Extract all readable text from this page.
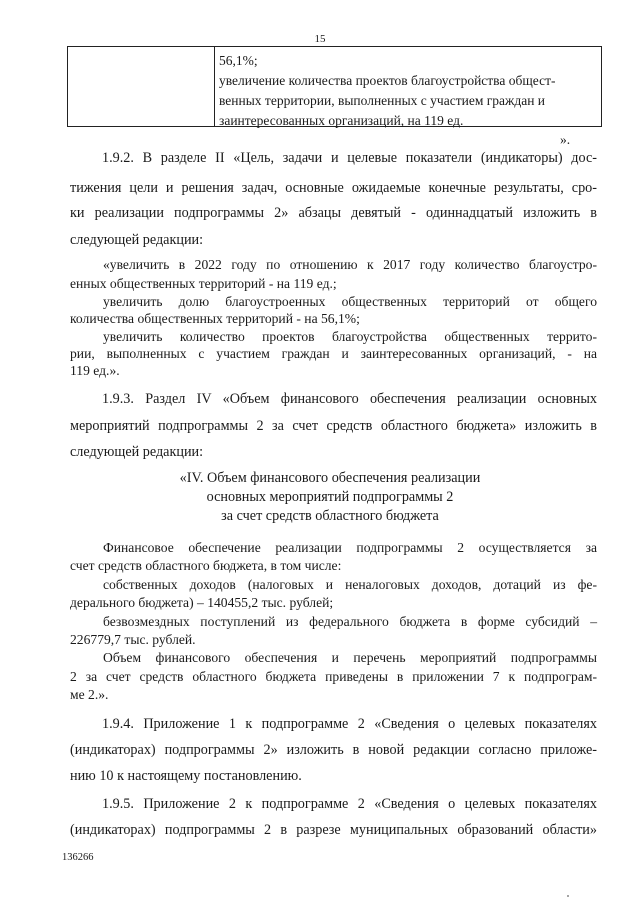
15
56,1%;
увеличение количества проектов благоустройства общест-
венных территории, выполненных с участием граждан и
заинтересованных организаций, на 119 ед.
».
1.9.2. В разделе II «Цель, задачи и целевые показатели (индикаторы) дос-
тижения цели и решения задач, основные ожидаемые конечные результаты, сро-
ки реализации подпрограммы 2» абзацы девятый - одиннадцатый изложить в
следующей редакции:
«увеличить в 2022 году по отношению к 2017 году количество благоустро-
енных общественных территорий - на 119 ед.;
увеличить долю благоустроенных общественных территорий от общего
количества общественных территорий - на 56,1%;
увеличить количество проектов благоустройства общественных террито-
рии, выполненных с участием граждан и заинтересованных организаций, - на
119 ед.».
1.9.3. Раздел IV «Объем финансового обеспечения реализации основных
мероприятий подпрограммы 2 за счет средств областного бюджета» изложить в
следующей редакции:
«IV. Объем финансового обеспечения реализации
основных мероприятий подпрограммы 2
за счет средств областного бюджета
Финансовое обеспечение реализации подпрограммы 2 осуществляется за
счет средств областного бюджета, в том числе:
собственных доходов (налоговых и неналоговых доходов, дотаций из фе-
дерального бюджета) – 140455,2 тыс. рублей;
безвозмездных поступлений из федерального бюджета в форме субсидий –
226779,7 тыс. рублей.
Объем финансового обеспечения и перечень мероприятий подпрограммы
2 за счет средств областного бюджета приведены в приложении 7 к подпрограм-
ме 2.».
1.9.4. Приложение 1 к подпрограмме 2 «Сведения о целевых показателях
(индикаторах) подпрограммы 2» изложить в новой редакции согласно приложе-
нию 10 к настоящему постановлению.
1.9.5. Приложение 2 к подпрограмме 2 «Сведения о целевых показателях
(индикаторах) подпрограммы 2 в разрезе муниципальных образований области»
136266
